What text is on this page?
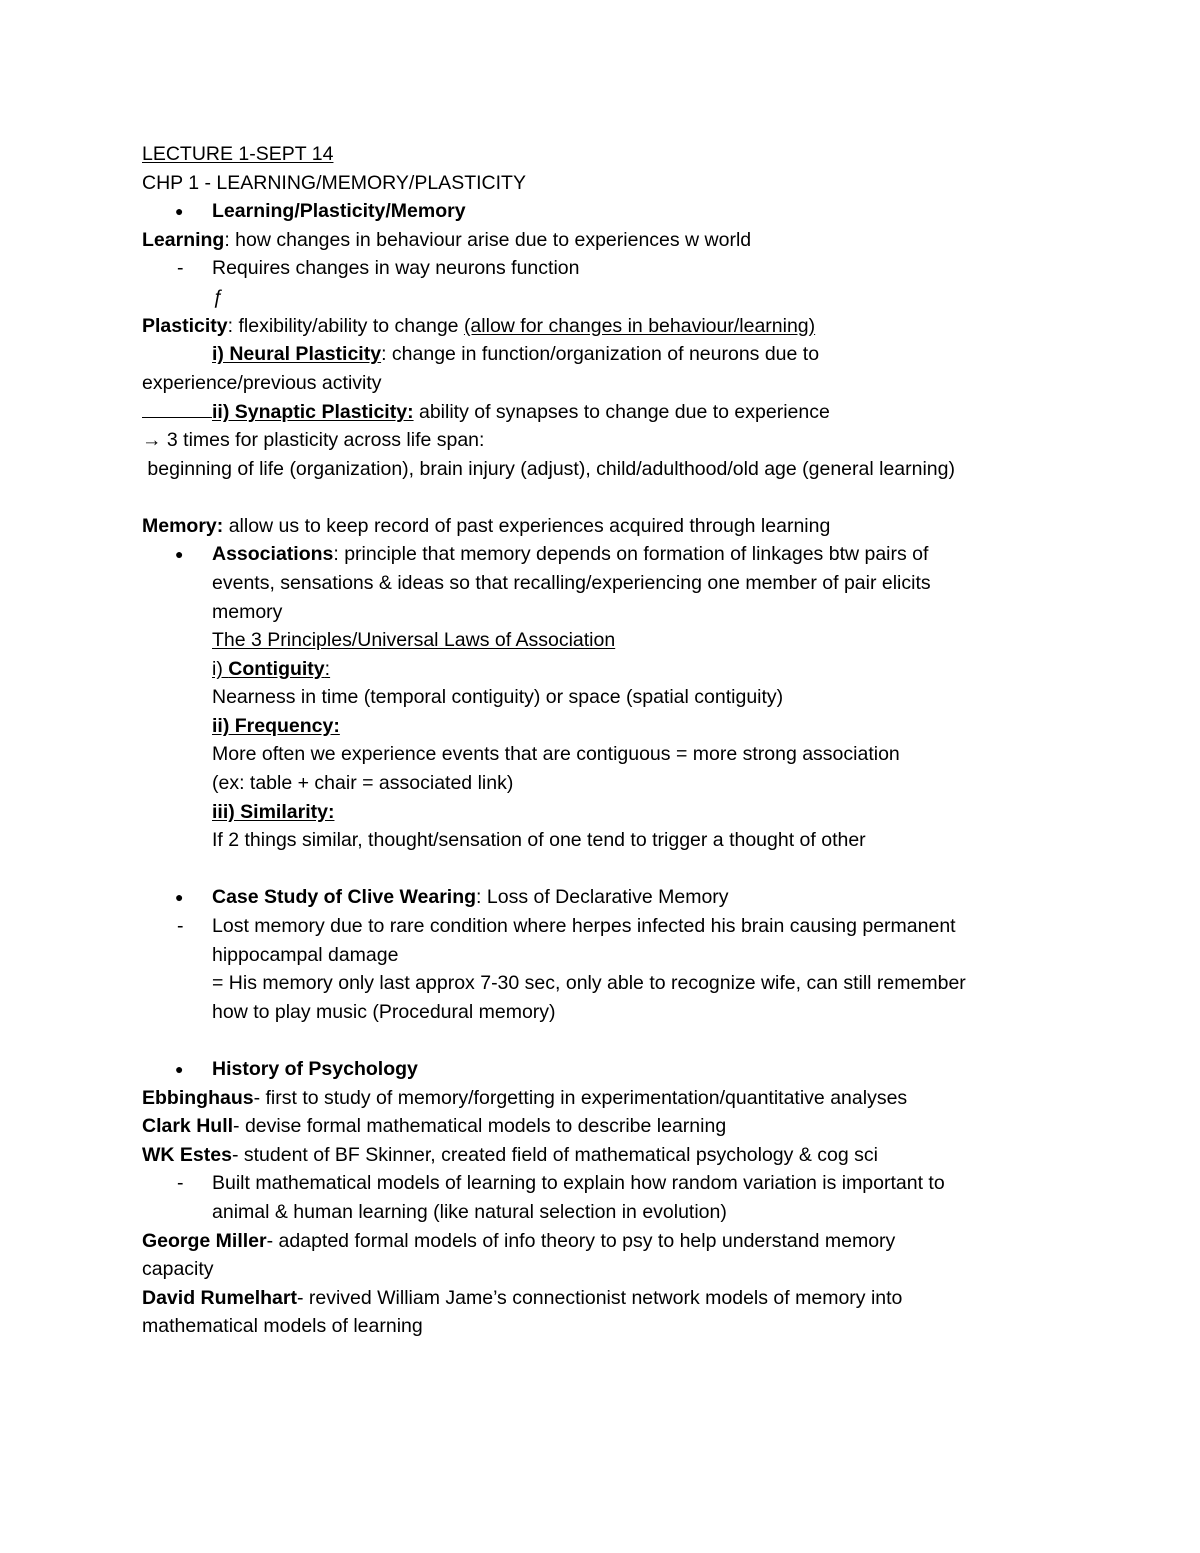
LECTURE 1-SEPT 14
CHP 1 - LEARNING/MEMORY/PLASTICITY
● Learning/Plasticity/Memory
Learning: how changes in behaviour arise due to experiences w world
- Requires changes in way neurons function
ƒ
Plasticity: flexibility/ability to change (allow for changes in behaviour/learning)
i) Neural Plasticity: change in function/organization of neurons due to
experience/previous activity
ii) Synaptic Plasticity: ability of synapses to change due to experience
→ 3 times for plasticity across life span:
beginning of life (organization), brain injury (adjust), child/adulthood/old age (general learning)
Memory: allow us to keep record of past experiences acquired through learning
● Associations: principle that memory depends on formation of linkages btw pairs of
events, sensations & ideas so that recalling/experiencing one member of pair elicits
memory
The 3 Principles/Universal Laws of Association
i) Contiguity:
Nearness in time (temporal contiguity) or space (spatial contiguity)
ii) Frequency:
More often we experience events that are contiguous = more strong association
(ex: table + chair = associated link)
iii) Similarity:
If 2 things similar, thought/sensation of one tend to trigger a thought of other
● Case Study of Clive Wearing: Loss of Declarative Memory
- Lost memory due to rare condition where herpes infected his brain causing permanent
hippocampal damage
= His memory only last approx 7-30 sec, only able to recognize wife, can still remember
how to play music (Procedural memory)
● History of Psychology
Ebbinghaus- first to study of memory/forgetting in experimentation/quantitative analyses
Clark Hull- devise formal mathematical models to describe learning
WK Estes- student of BF Skinner, created field of mathematical psychology & cog sci
- Built mathematical models of learning to explain how random variation is important to
animal & human learning (like natural selection in evolution)
George Miller- adapted formal models of info theory to psy to help understand memory
capacity
David Rumelhart- revived William Jame’s connectionist network models of memory into
mathematical models of learning
